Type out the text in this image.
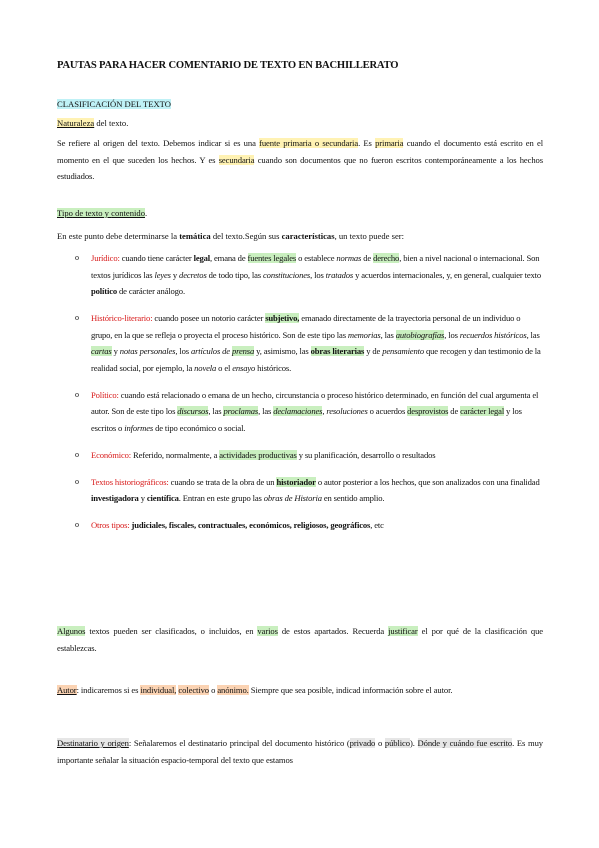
PAUTAS PARA HACER COMENTARIO DE TEXTO EN BACHILLERATO
CLASIFICACIÓN DEL TEXTO
Naturaleza del texto.
Se refiere al origen del texto. Debemos indicar si es una fuente primaria o secundaria. Es primaria cuando el documento está escrito en el momento en el que suceden los hechos. Y es secundaria cuando son documentos que no fueron escritos contemporáneamente a los hechos estudiados.
Tipo de texto y contenido.
En este punto debe determinarse la temática del texto.Según sus características, un texto puede ser:
o Jurídico: cuando tiene carácter legal, emana de fuentes legales o establece normas de derecho, bien a nivel nacional o internacional. Son textos jurídicos las leyes y decretos de todo tipo, las constituciones, los tratados y acuerdos internacionales, y, en general, cualquier texto político de carácter análogo.
o Histórico-literario: cuando posee un notorio carácter subjetivo, emanado directamente de la trayectoria personal de un individuo o grupo, en la que se refleja o proyecta el proceso histórico. Son de este tipo las memorias, las autobiografías, los recuerdos históricos, las cartas y notas personales, los artículos de prensa y, asimismo, las obras literarias y de pensamiento que recogen y dan testimonio de la realidad social, por ejemplo, la novela o el ensayo históricos.
o Político: cuando está relacionado o emana de un hecho, circunstancia o proceso histórico determinado, en función del cual argumenta el autor. Son de este tipo los discursos, las proclamas, las declamaciones, resoluciones o acuerdos desprovistos de carácter legal y los escritos o informes de tipo económico o social.
o Económico: Referido, normalmente, a actividades productivas y su planificación, desarrollo o resultados
o Textos historiográficos: cuando se trata de la obra de un historiador o autor posterior a los hechos, que son analizados con una finalidad investigadora y científica. Entran en este grupo las obras de Historia en sentido amplio.
o Otros tipos: judiciales, fiscales, contractuales, económicos, religiosos, geográficos, etc
Algunos textos pueden ser clasificados, o incluidos, en varios de estos apartados. Recuerda justificar el por qué de la clasificación que establezcas.
Autor: indicaremos si es individual, colectivo o anónimo. Siempre que sea posible, indicad información sobre el autor.
Destinatario y origen: Señalaremos el destinatario principal del documento histórico (privado o público). Dónde y cuándo fue escrito. Es muy importante señalar la situación espacio-temporal del texto que estamos
